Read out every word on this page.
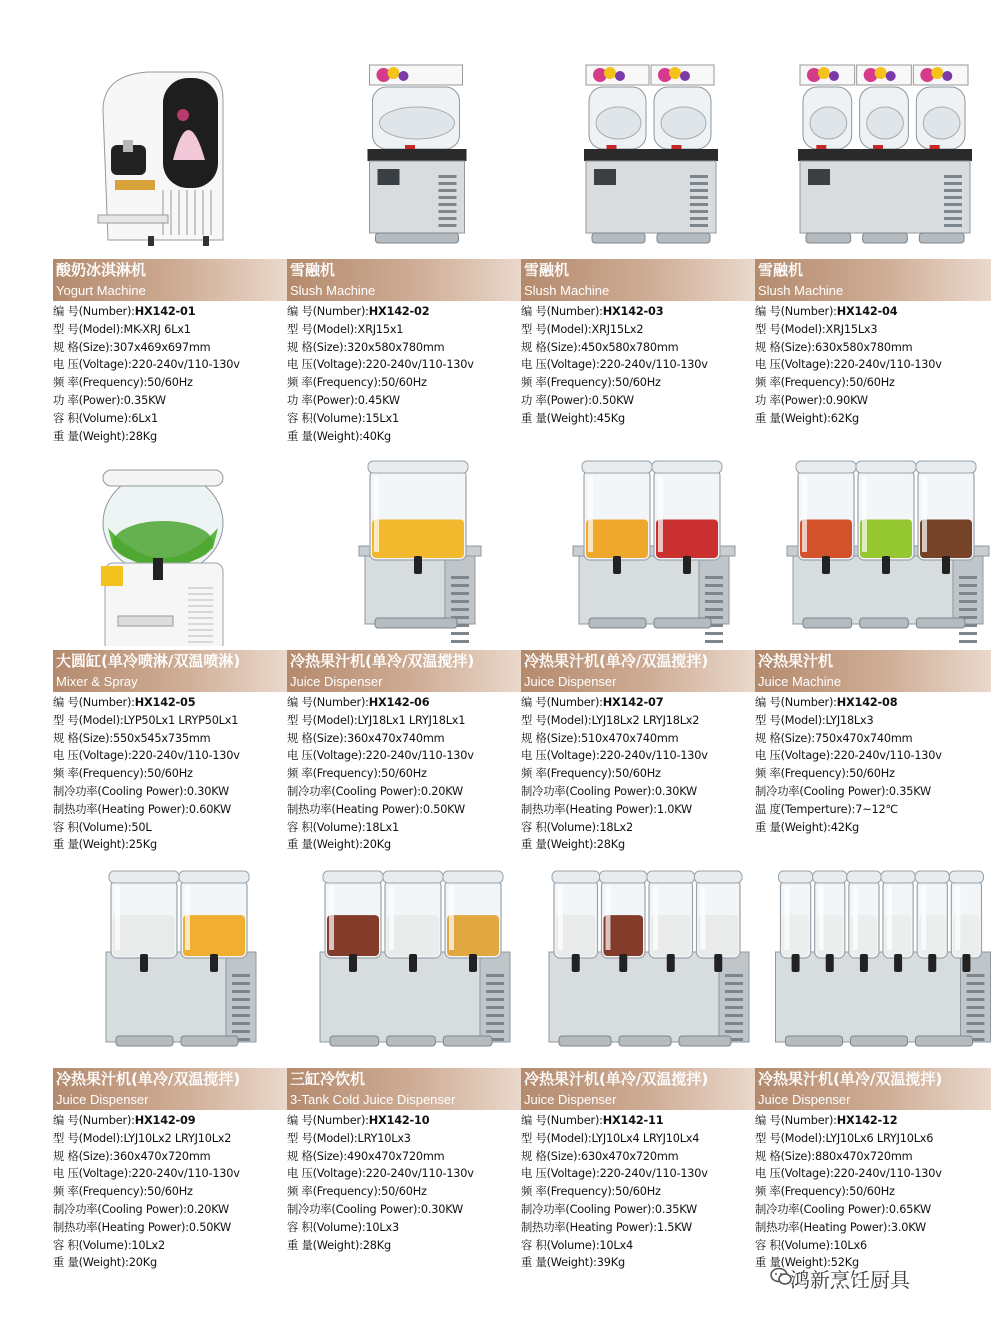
酸奶冰淇淋机
Yogurt Machine
编 号(Number):HX142-01
型 号(Model):MK-XRJ 6Lx1
规 格(Size):307x469x697mm
电 压(Voltage):220-240v/110-130v
频 率(Frequency):50/60Hz
功 率(Power):0.35KW
容 积(Volume):6Lx1
重 量(Weight):28Kg
雪融机
Slush Machine
编 号(Number):HX142-02
型 号(Model):XRJ15x1
规 格(Size):320x580x780mm
电 压(Voltage):220-240v/110-130v
频 率(Frequency):50/60Hz
功 率(Power):0.45KW
容 积(Volume):15Lx1
重 量(Weight):40Kg
雪融机
Slush Machine
编 号(Number):HX142-03
型 号(Model):XRJ15Lx2
规 格(Size):450x580x780mm
电 压(Voltage):220-240v/110-130v
频 率(Frequency):50/60Hz
功 率(Power):0.50KW
重 量(Weight):45Kg
雪融机
Slush Machine
编 号(Number):HX142-04
型 号(Model):XRJ15Lx3
规 格(Size):630x580x780mm
电 压(Voltage):220-240v/110-130v
频 率(Frequency):50/60Hz
功 率(Power):0.90KW
重 量(Weight):62Kg
大圆缸(单冷喷淋/双温喷淋)
Mixer & Spray
编 号(Number):HX142-05
型 号(Model):LYP50Lx1 LRYP50Lx1
规 格(Size):550x545x735mm
电 压(Voltage):220-240v/110-130v
频 率(Frequency):50/60Hz
制冷功率(Cooling Power):0.30KW
制热功率(Heating Power):0.60KW
容 积(Volume):50L
重 量(Weight):25Kg
冷热果汁机(单冷/双温搅拌)
Juice Dispenser
编 号(Number):HX142-06
型 号(Model):LYJ18Lx1 LRYJ18Lx1
规 格(Size):360x470x740mm
电 压(Voltage):220-240v/110-130v
频 率(Frequency):50/60Hz
制冷功率(Cooling Power):0.20KW
制热功率(Heating Power):0.50KW
容 积(Volume):18Lx1
重 量(Weight):20Kg
冷热果汁机(单冷/双温搅拌)
Juice Dispenser
编 号(Number):HX142-07
型 号(Model):LYJ18Lx2 LRYJ18Lx2
规 格(Size):510x470x740mm
电 压(Voltage):220-240v/110-130v
频 率(Frequency):50/60Hz
制冷功率(Cooling Power):0.30KW
制热功率(Heating Power):1.0KW
容 积(Volume):18Lx2
重 量(Weight):28Kg
冷热果汁机
Juice Machine
编 号(Number):HX142-08
型 号(Model):LYJ18Lx3
规 格(Size):750x470x740mm
电 压(Voltage):220-240v/110-130v
频 率(Frequency):50/60Hz
制冷功率(Cooling Power):0.35KW
温 度(Temperture):7~12℃
重 量(Weight):42Kg
冷热果汁机(单冷/双温搅拌)
Juice Dispenser
编 号(Number):HX142-09
型 号(Model):LYJ10Lx2 LRYJ10Lx2
规 格(Size):360x470x720mm
电 压(Voltage):220-240v/110-130v
频 率(Frequency):50/60Hz
制冷功率(Cooling Power):0.20KW
制热功率(Heating Power):0.50KW
容 积(Volume):10Lx2
重 量(Weight):20Kg
三缸冷饮机
3-Tank Cold Juice Dispenser
编 号(Number):HX142-10
型 号(Model):LRY10Lx3
规 格(Size):490x470x720mm
电 压(Voltage):220-240v/110-130v
频 率(Frequency):50/60Hz
制冷功率(Cooling Power):0.30KW
容 积(Volume):10Lx3
重 量(Weight):28Kg
冷热果汁机(单冷/双温搅拌)
Juice Dispenser
编 号(Number):HX142-11
型 号(Model):LYJ10Lx4 LRYJ10Lx4
规 格(Size):630x470x720mm
电 压(Voltage):220-240v/110-130v
频 率(Frequency):50/60Hz
制冷功率(Cooling Power):0.35KW
制热功率(Heating Power):1.5KW
容 积(Volume):10Lx4
重 量(Weight):39Kg
冷热果汁机(单冷/双温搅拌)
Juice Dispenser
编 号(Number):HX142-12
型 号(Model):LYJ10Lx6 LRYJ10Lx6
规 格(Size):880x470x720mm
电 压(Voltage):220-240v/110-130v
频 率(Frequency):50/60Hz
制冷功率(Cooling Power):0.65KW
制热功率(Heating Power):3.0KW
容 积(Volume):10Lx6
重 量(Weight):52Kg
鸿新烹饪厨具
